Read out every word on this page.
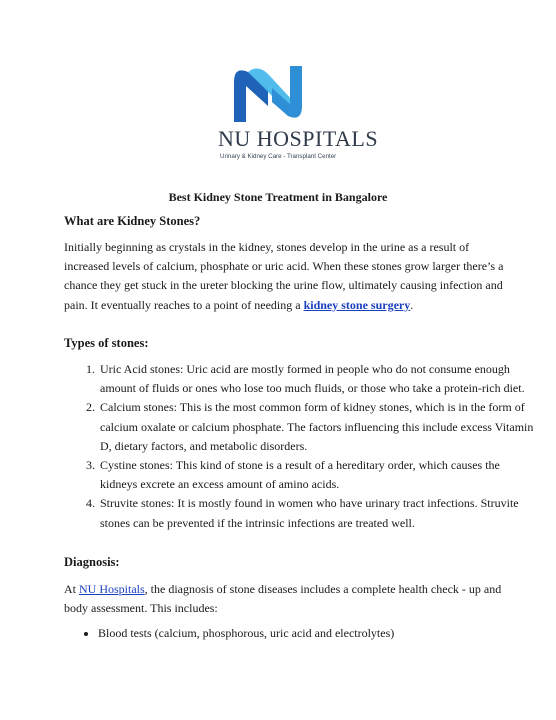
NU HOSPITALS
Urinary & Kidney Care - Transplant Center
Best Kidney Stone Treatment in Bangalore
What are Kidney Stones?
Initially beginning as crystals in the kidney, stones develop in the urine as a result of increased levels of calcium, phosphate or uric acid. When these stones grow larger there’s a chance they get stuck in the ureter blocking the urine flow, ultimately causing infection and pain. It eventually reaches to a point of needing a kidney stone surgery.
Types of stones:
1. Uric Acid stones: Uric acid are mostly formed in people who do not consume enough amount of fluids or ones who lose too much fluids, or those who take a protein-rich diet.
2. Calcium stones: This is the most common form of kidney stones, which is in the form of calcium oxalate or calcium phosphate. The factors influencing this include excess Vitamin D, dietary factors, and metabolic disorders.
3. Cystine stones: This kind of stone is a result of a hereditary order, which causes the kidneys excrete an excess amount of amino acids.
4. Struvite stones: It is mostly found in women who have urinary tract infections. Struvite stones can be prevented if the intrinsic infections are treated well.
Diagnosis:
At NU Hospitals, the diagnosis of stone diseases includes a complete health check - up and body assessment. This includes:
• Blood tests (calcium, phosphorous, uric acid and electrolytes)
